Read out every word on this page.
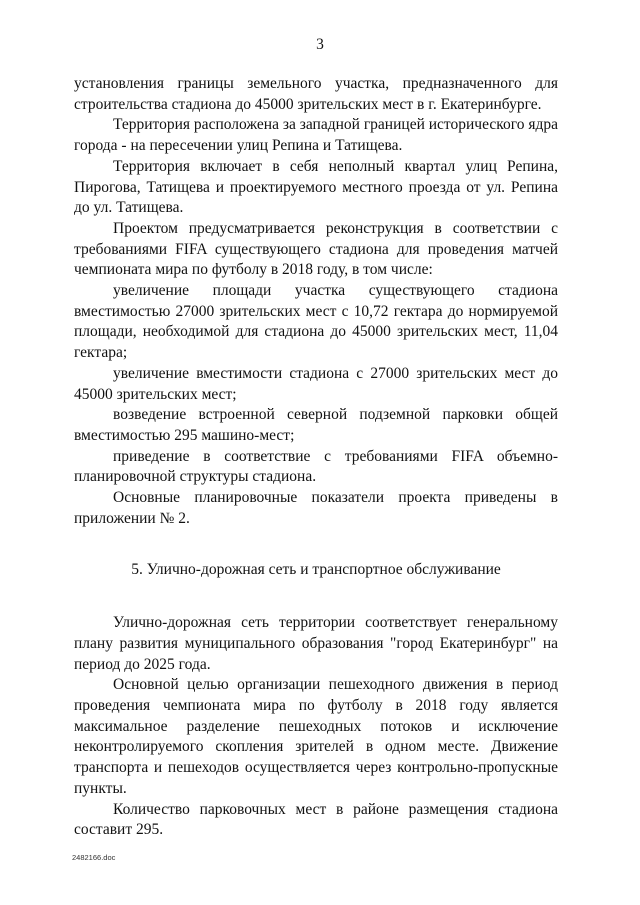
3

установления границы земельного участка, предназначенного для строительства стадиона до 45000 зрительских мест в г. Екатеринбурге.

Территория расположена за западной границей исторического ядра города - на пересечении улиц Репина и Татищева.

Территория включает в себя неполный квартал улиц Репина, Пирогова, Татищева и проектируемого местного проезда от ул. Репина до ул. Татищева.

Проектом предусматривается реконструкция в соответствии с требованиями FIFA существующего стадиона для проведения матчей чемпионата мира по футболу в 2018 году, в том числе:

увеличение площади участка существующего стадиона вместимостью 27000 зрительских мест с 10,72 гектара до нормируемой площади, необходимой для стадиона до 45000 зрительских мест, 11,04 гектара;

увеличение вместимости стадиона с 27000 зрительских мест до 45000 зрительских мест;

возведение встроенной северной подземной парковки общей вместимостью 295 машино-мест;

приведение в соответствие с требованиями FIFA объемно-планировочной структуры стадиона.

Основные планировочные показатели проекта приведены в приложении № 2.

5. Улично-дорожная сеть и транспортное обслуживание

Улично-дорожная сеть территории соответствует генеральному плану развития муниципального образования "город Екатеринбург" на период до 2025 года.

Основной целью организации пешеходного движения в период проведения чемпионата мира по футболу в 2018 году является максимальное разделение пешеходных потоков и исключение неконтролируемого скопления зрителей в одном месте. Движение транспорта и пешеходов осуществляется через контрольно-пропускные пункты.

Количество парковочных мест в районе размещения стадиона составит 295.

2482166.doc
